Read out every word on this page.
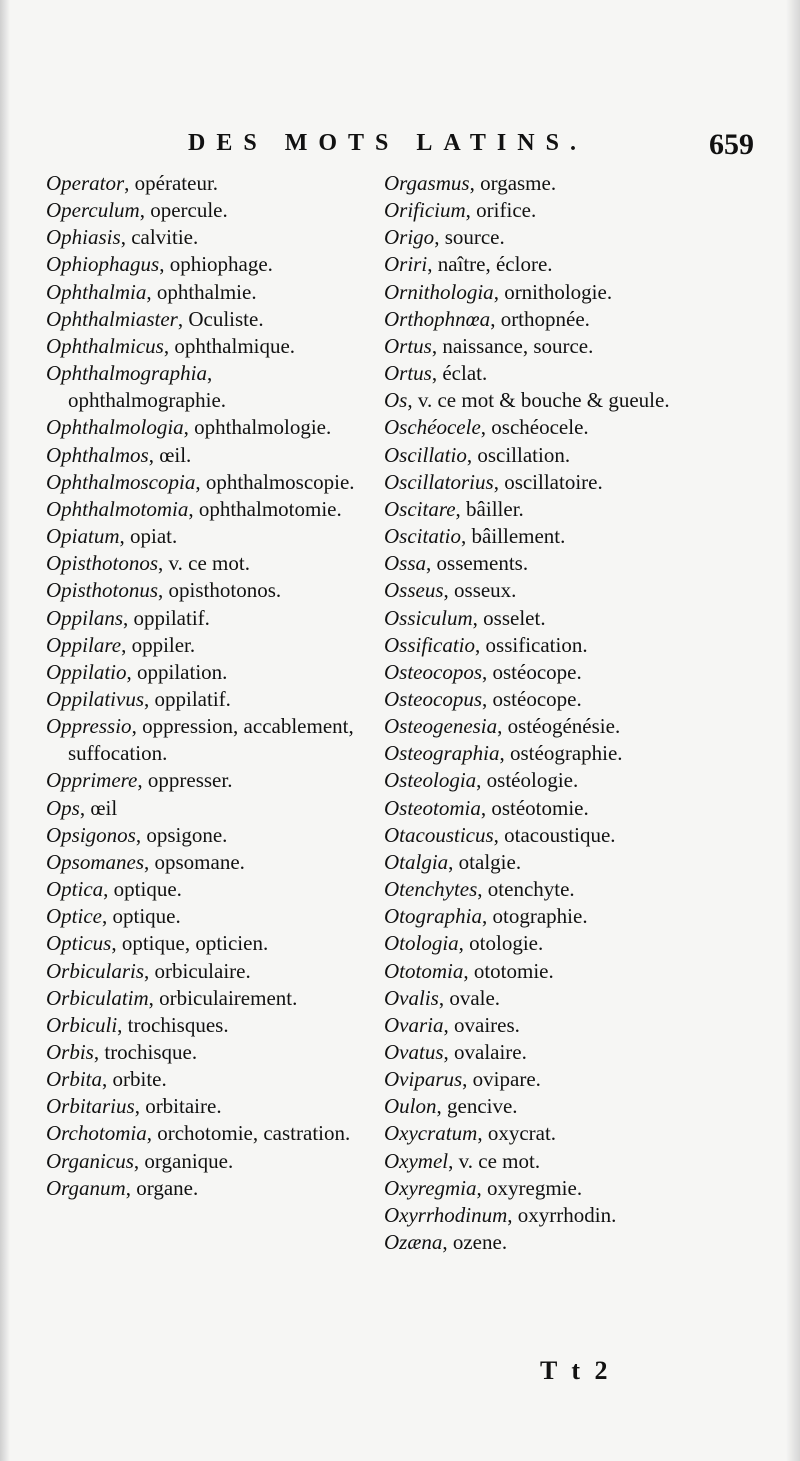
DES MOTS LATINS.	659
Operator, opérateur.
Operculum, opercule.
Ophiasis, calvitie.
Ophiophagus, ophiophage.
Ophthalmia, ophthalmie.
Ophthalmiaster, Oculiste.
Ophthalmicus, ophthalmique.
Ophthalmographia, ophthalmographie.
Ophthalmologia, ophthalmologie.
Ophthalmos, œil.
Ophthalmoscopia, ophthalmoscopie.
Ophthalmotomia, ophthalmotomie.
Opiatum, opiat.
Opisthotonos, v. ce mot.
Opisthotonus, opisthotonos.
Oppilans, oppilatif.
Oppilare, oppiler.
Oppilatio, oppilation.
Oppilativus, oppilatif.
Oppressio, oppression, accablement, suffocation.
Opprimere, oppresser.
Ops, œil
Opsigonos, opsigone.
Opsomanes, opsomane.
Optica, optique.
Optice, optique.
Opticus, optique, opticien.
Orbicularis, orbiculaire.
Orbiculatim, orbiculairement.
Orbiculi, trochisques.
Orbis, trochisque.
Orbita, orbite.
Orbitarius, orbitaire.
Orchotomia, orchotomie, castration.
Organicus, organique.
Organum, organe.
Orgasmus, orgasme.
Orificium, orifice.
Origo, source.
Oriri, naître, éclore.
Ornithologia, ornithologie.
Orthophnœa, orthopnée.
Ortus, naissance, source.
Ortus, éclat.
Os, v. ce mot & bouche & gueule.
Oschéocele, oschéocele.
Oscillatio, oscillation.
Oscillatorius, oscillatoire.
Oscitare, bâiller.
Oscitatio, bâillement.
Ossa, ossements.
Osseus, osseux.
Ossiculum, osselet.
Ossificatio, ossification.
Osteocopos, ostéocope.
Osteocopus, ostéocope.
Osteogenesia, ostéogénésie.
Osteographia, ostéographie.
Osteologia, ostéologie.
Osteotomia, ostéotomie.
Otacousticus, otacoustique.
Otalgia, otalgie.
Otenchytes, otenchyte.
Otographia, otographie.
Otologia, otologie.
Ototomia, ototomie.
Ovalis, ovale.
Ovaria, ovaires.
Ovatus, ovalaire.
Oviparus, ovipare.
Oulon, gencive.
Oxycratum, oxycrat.
Oxymel, v. ce mot.
Oxyregmia, oxyregmie.
Oxyrrhodinum, oxyrrhodin.
Ozæna, ozene.
T t 2
